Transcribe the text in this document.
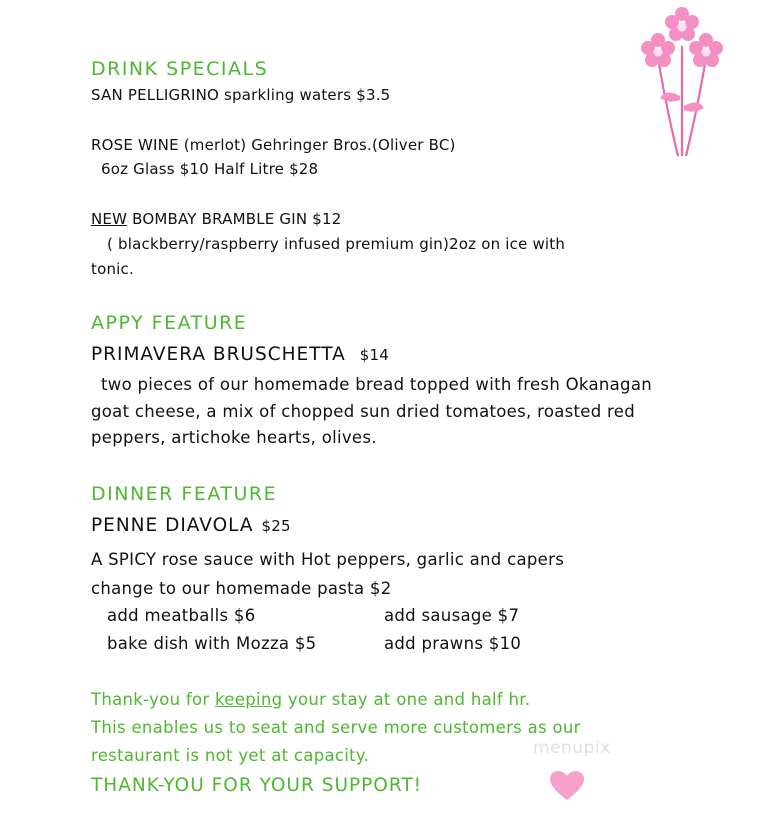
DRINK SPECIALS
SAN PELLIGRINO sparkling waters $3.5
ROSE WINE (merlot) Gehringer Bros.(Oliver BC)
6oz Glass $10 Half Litre $28
NEW BOMBAY BRAMBLE GIN $12
( blackberry/raspberry infused premium gin)2oz on ice with
tonic.
APPY FEATURE
PRIMAVERA BRUSCHETTA $14
two pieces of our homemade bread topped with fresh Okanagan
goat cheese, a mix of chopped sun dried tomatoes, roasted red
peppers, artichoke hearts, olives.
DINNER FEATURE
PENNE DIAVOLA $25
A SPICY rose sauce with Hot peppers, garlic and capers
change to our homemade pasta $2
add meatballs $6	add sausage $7
bake dish with Mozza $5	add prawns $10
Thank-you for keeping your stay at one and half hr.
This enables us to seat and serve more customers as our
restaurant is not yet at capacity.	menupix
THANK-YOU FOR YOUR SUPPORT!
